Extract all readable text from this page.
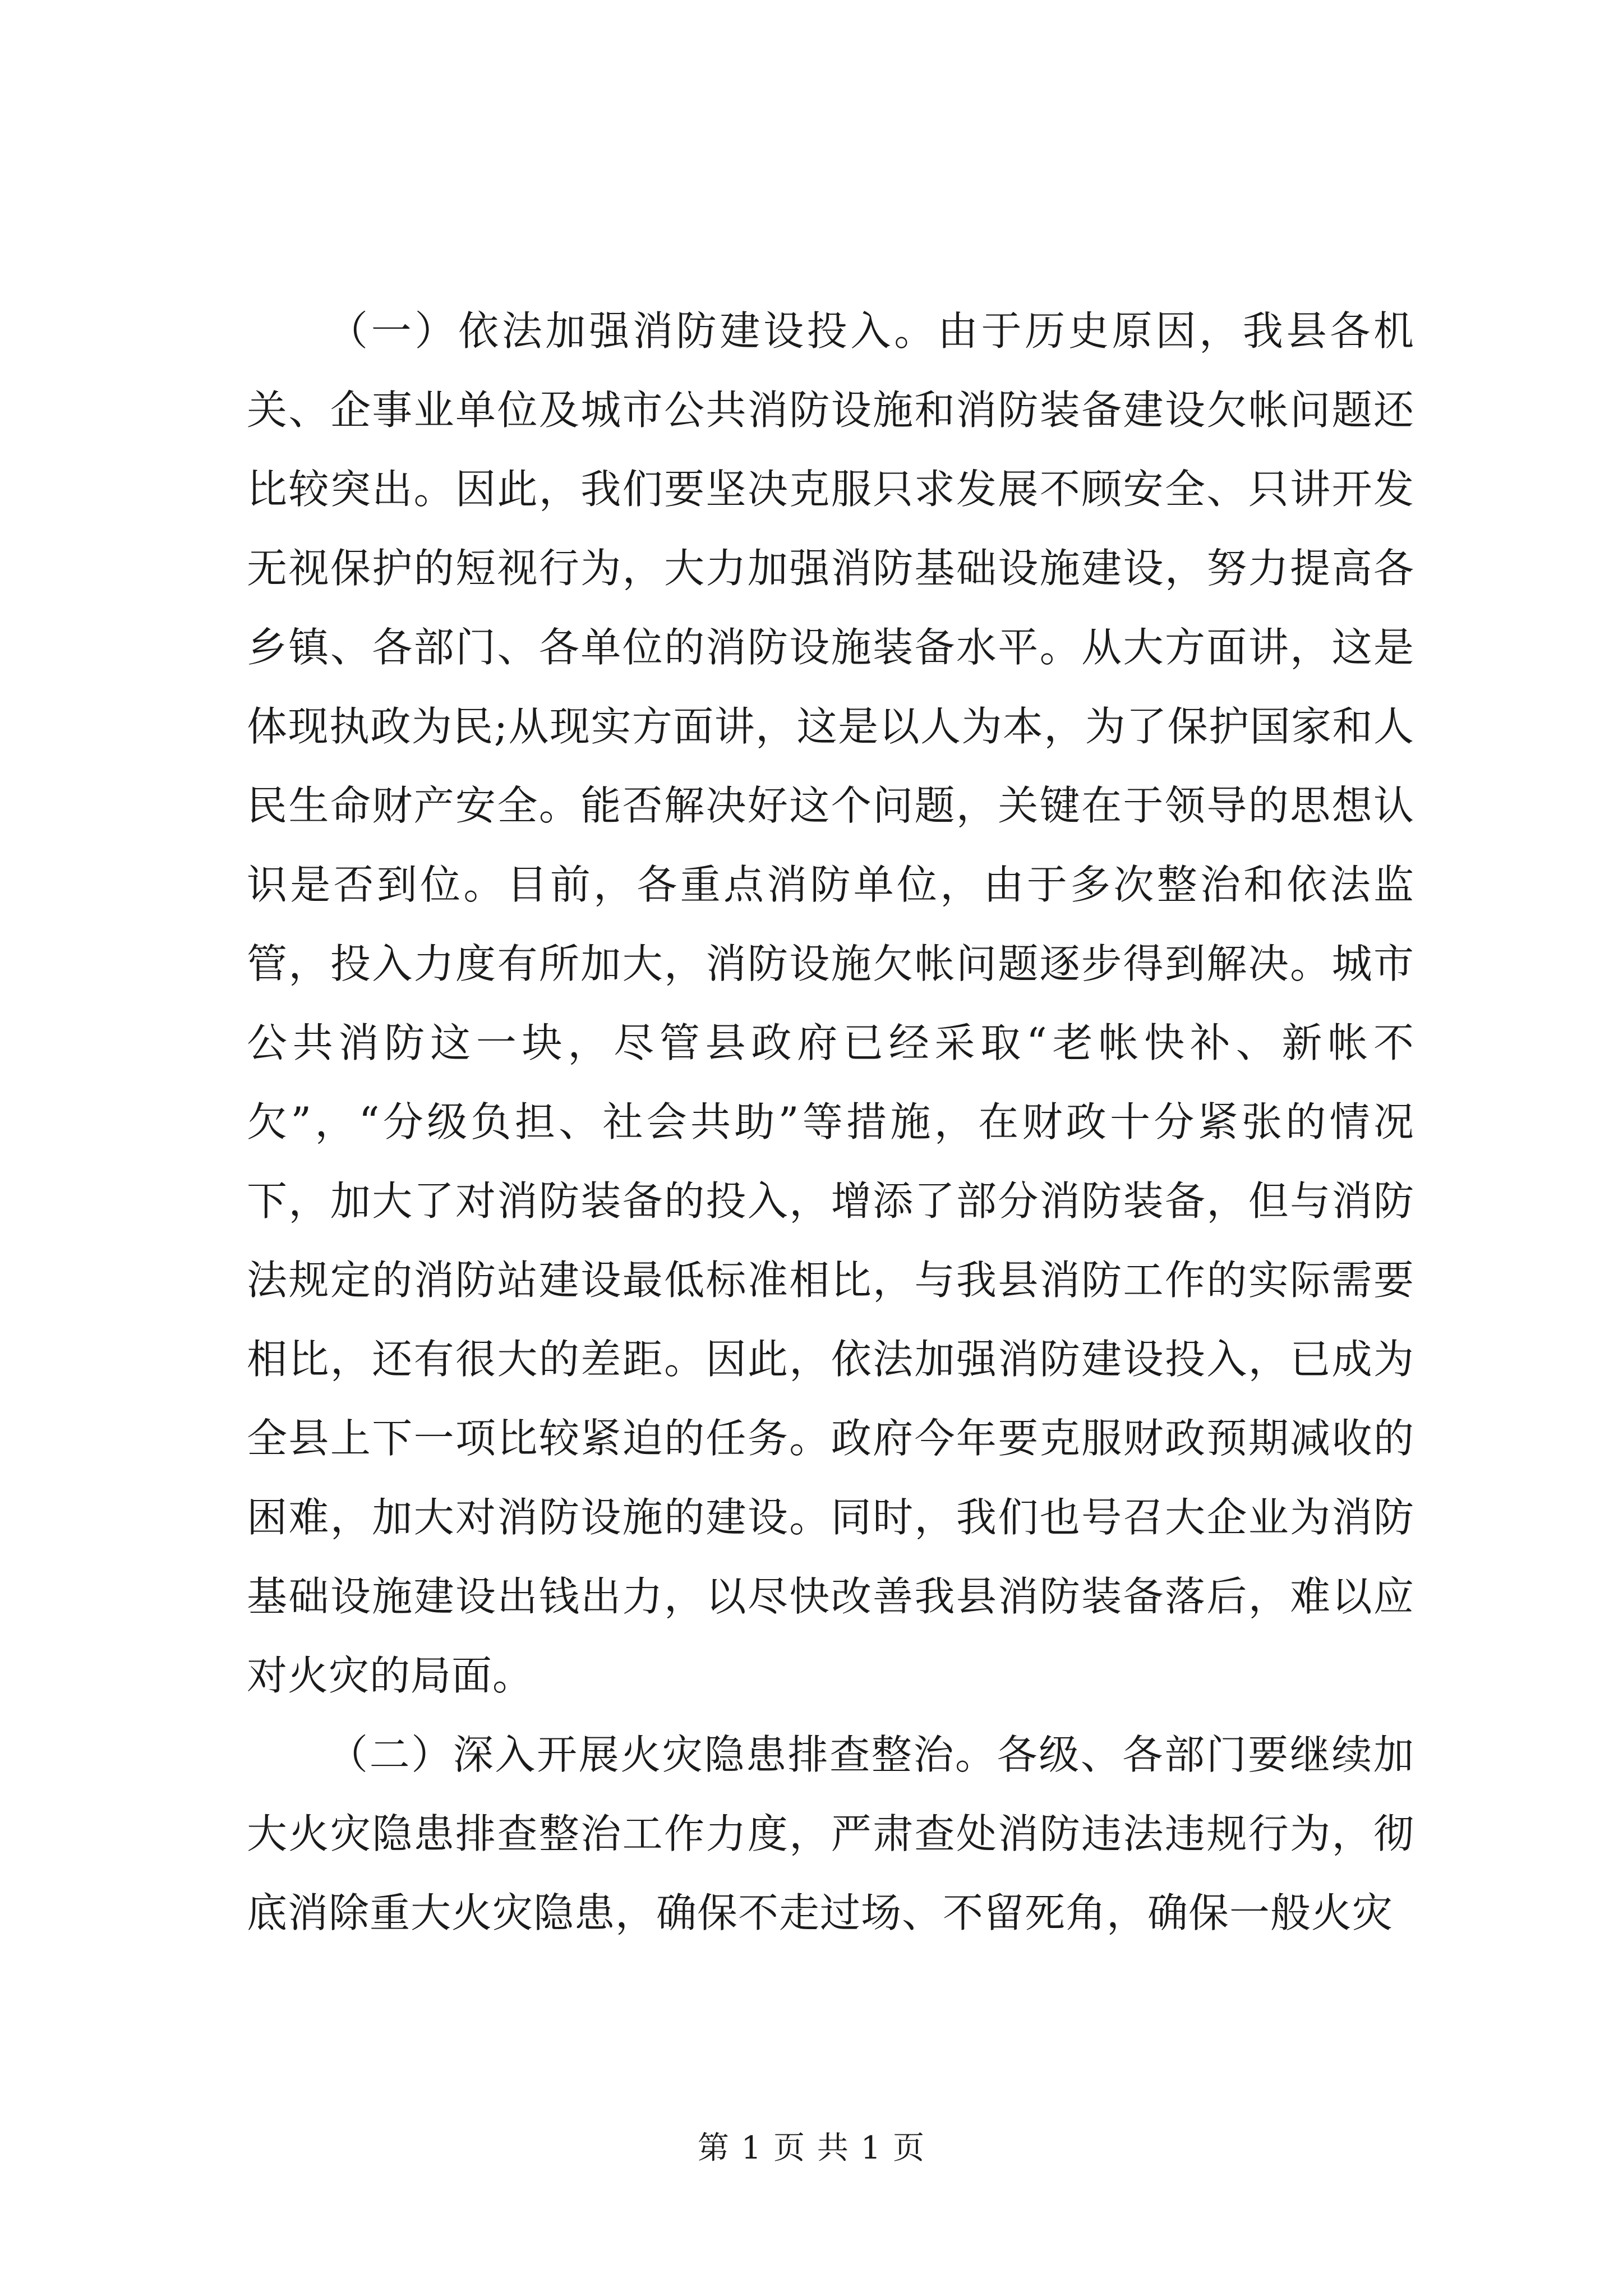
（一）依法加强消防建设投入。由于历史原因，我县各机关、企事业单位及城市公共消防设施和消防装备建设欠帐问题还比较突出。因此，我们要坚决克服只求发展不顾安全、只讲开发无视保护的短视行为，大力加强消防基础设施建设，努力提高各乡镇、各部门、各单位的消防设施装备水平。从大方面讲，这是体现执政为民;从现实方面讲，这是以人为本，为了保护国家和人民生命财产安全。能否解决好这个问题，关键在于领导的思想认识是否到位。目前，各重点消防单位，由于多次整治和依法监管，投入力度有所加大，消防设施欠帐问题逐步得到解决。城市公共消防这一块，尽管县政府已经采取“老帐快补、新帐不欠”，“分级负担、社会共助”等措施，在财政十分紧张的情况下，加大了对消防装备的投入，增添了部分消防装备，但与消防法规定的消防站建设最低标准相比，与我县消防工作的实际需要相比，还有很大的差距。因此，依法加强消防建设投入，已成为全县上下一项比较紧迫的任务。政府今年要克服财政预期减收的困难，加大对消防设施的建设。同时，我们也号召大企业为消防基础设施建设出钱出力，以尽快改善我县消防装备落后，难以应对火灾的局面。

（二）深入开展火灾隐患排查整治。各级、各部门要继续加大火灾隐患排查整治工作力度，严肃查处消防违法违规行为，彻底消除重大火灾隐患，确保不走过场、不留死角，确保一般火灾

第 1 页 共 1 页
